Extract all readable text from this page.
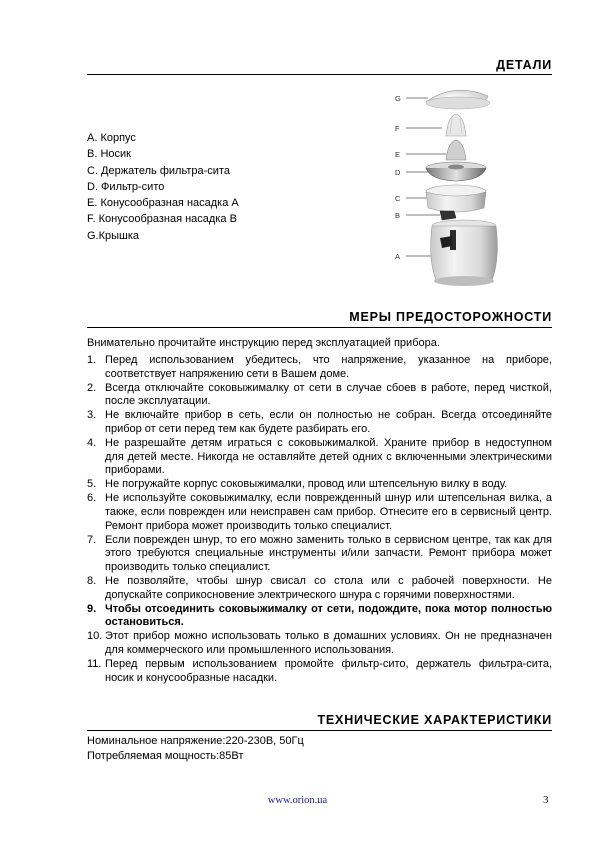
ДЕТАЛИ
A. Корпус
B. Носик
C. Держатель фильтра-сита
D. Фильтр-сито
E. Конусообразная насадка A
F. Конусообразная насадка B
G.Крышка
G
F
E
D
C
B
A
МЕРЫ ПРЕДОСТОРОЖНОСТИ
Внимательно прочитайте инструкцию перед эксплуатацией прибора.
1. Перед использованием убедитесь, что напряжение, указанное на приборе, соответствует напряжению сети в Вашем доме.
2. Всегда отключайте соковыжималку от сети в случае сбоев в работе, перед чисткой, после эксплуатации.
3. Не включайте прибор в сеть, если он полностью не собран. Всегда отсоединяйте прибор от сети перед тем как будете разбирать его.
4. Не разрешайте детям играться с соковыжималкой. Храните прибор в недоступном для детей месте. Никогда не оставляйте детей одних с включенными электрическими приборами.
5. Не погружайте корпус соковыжималки, провод или штепсельную вилку в воду.
6. Не используйте соковыжималку, если поврежденный шнур или штепсельная вилка, а также, если поврежден или неисправен сам прибор. Отнесите его в сервисный центр. Ремонт прибора может производить только специалист.
7. Если поврежден шнур, то его можно заменить только в сервисном центре, так как для этого требуются специальные инструменты и/или запчасти. Ремонт прибора может производить только специалист.
8. Не позволяйте, чтобы шнур свисал со стола или с рабочей поверхности. Не допускайте соприкосновение электрического шнура с горячими поверхностями.
9. Чтобы отсоединить соковыжималку от сети, подождите, пока мотор полностью остановиться.
10. Этот прибор можно использовать только в домашних условиях. Он не предназначен для коммерческого или промышленного использования.
11. Перед первым использованием промойте фильтр-сито, держатель фильтра-сита, носик и конусообразные насадки.
ТЕХНИЧЕСКИЕ ХАРАКТЕРИСТИКИ
Номинальное напряжение:220-230В, 50Гц
Потребляемая мощность:85Вт
www.orion.ua	3
